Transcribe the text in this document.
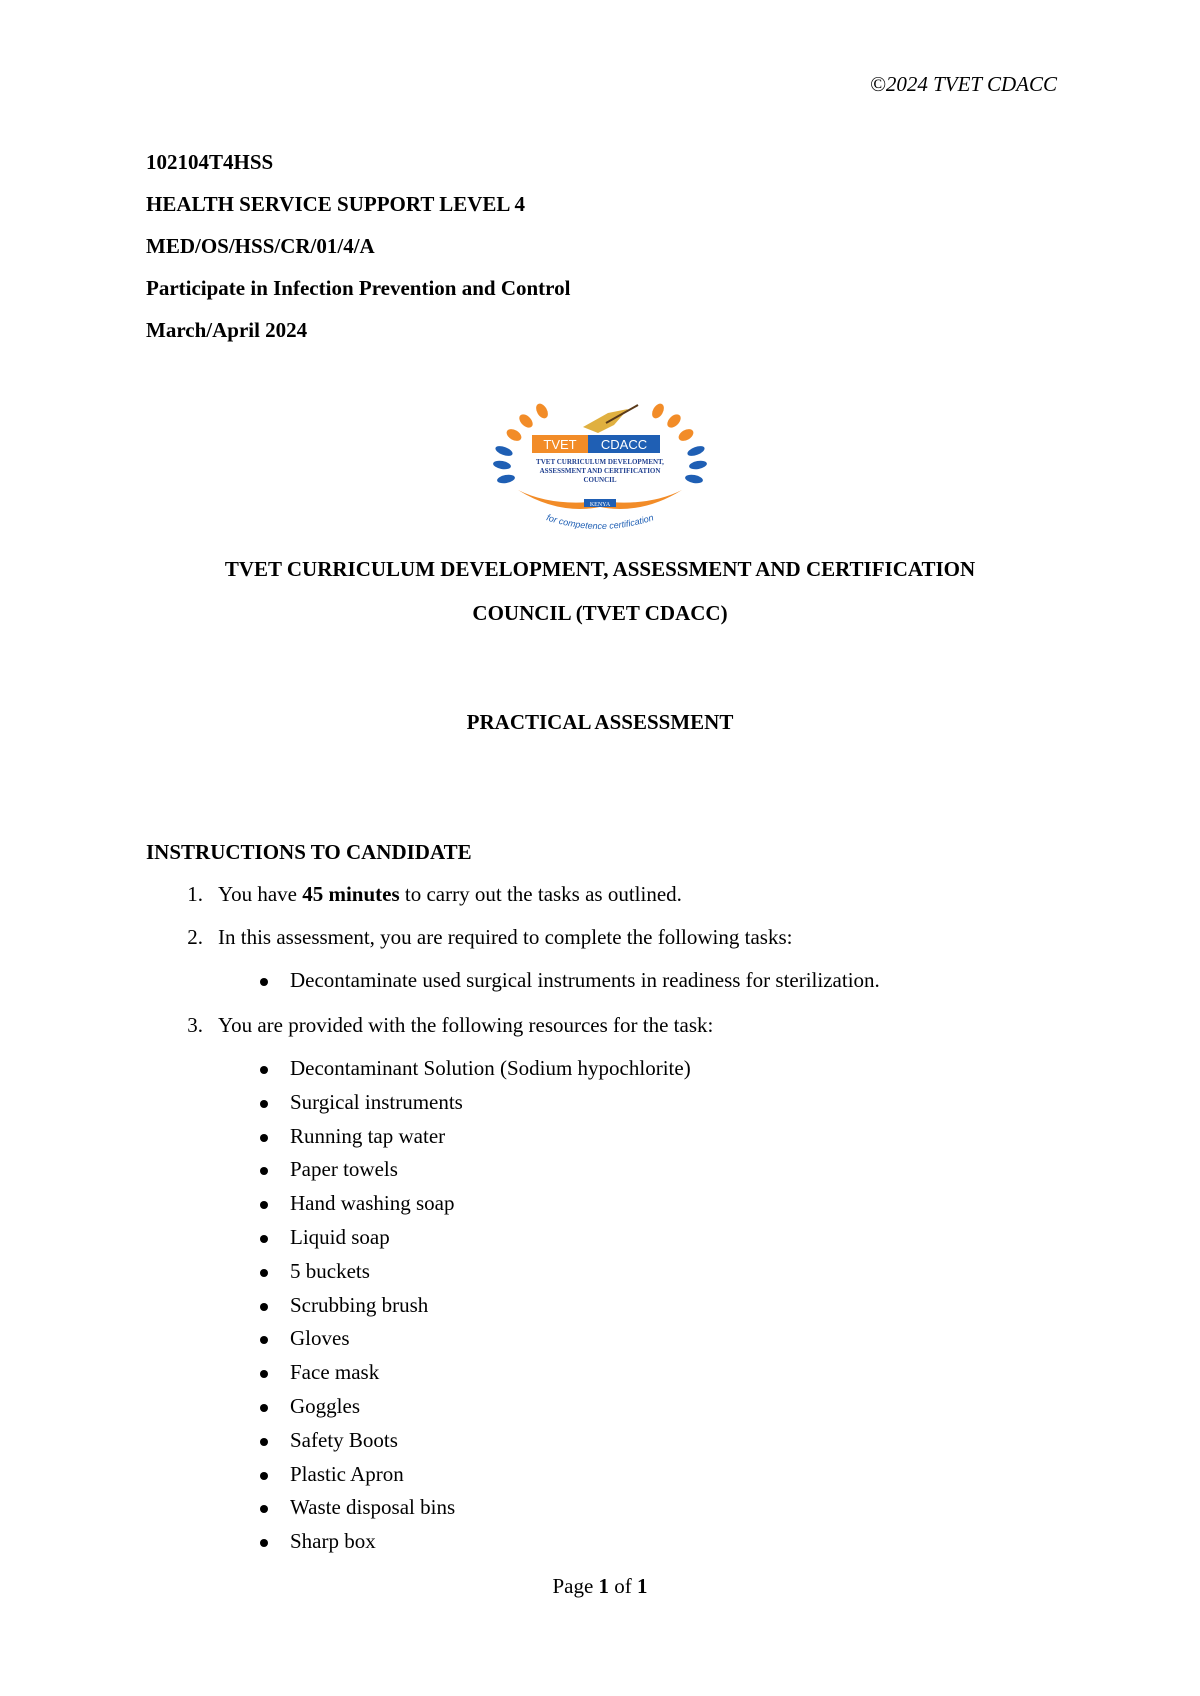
©2024 TVET CDACC
102104T4HSS
HEALTH SERVICE SUPPORT LEVEL 4
MED/OS/HSS/CR/01/4/A
Participate in Infection Prevention and Control
March/April 2024
TVET CDACC
TVET CURRICULUM DEVELOPMENT,
ASSESSMENT AND CERTIFICATION
COUNCIL
KENYA
for competence certification
TVET CURRICULUM DEVELOPMENT, ASSESSMENT AND CERTIFICATION
COUNCIL (TVET CDACC)
PRACTICAL ASSESSMENT
INSTRUCTIONS TO CANDIDATE
1. You have 45 minutes to carry out the tasks as outlined.
2. In this assessment, you are required to complete the following tasks:
Decontaminate used surgical instruments in readiness for sterilization.
3. You are provided with the following resources for the task:
Decontaminant Solution (Sodium hypochlorite)
Surgical instruments
Running tap water
Paper towels
Hand washing soap
Liquid soap
5 buckets
Scrubbing brush
Gloves
Face mask
Goggles
Safety Boots
Plastic Apron
Waste disposal bins
Sharp box
Page 1 of 1
